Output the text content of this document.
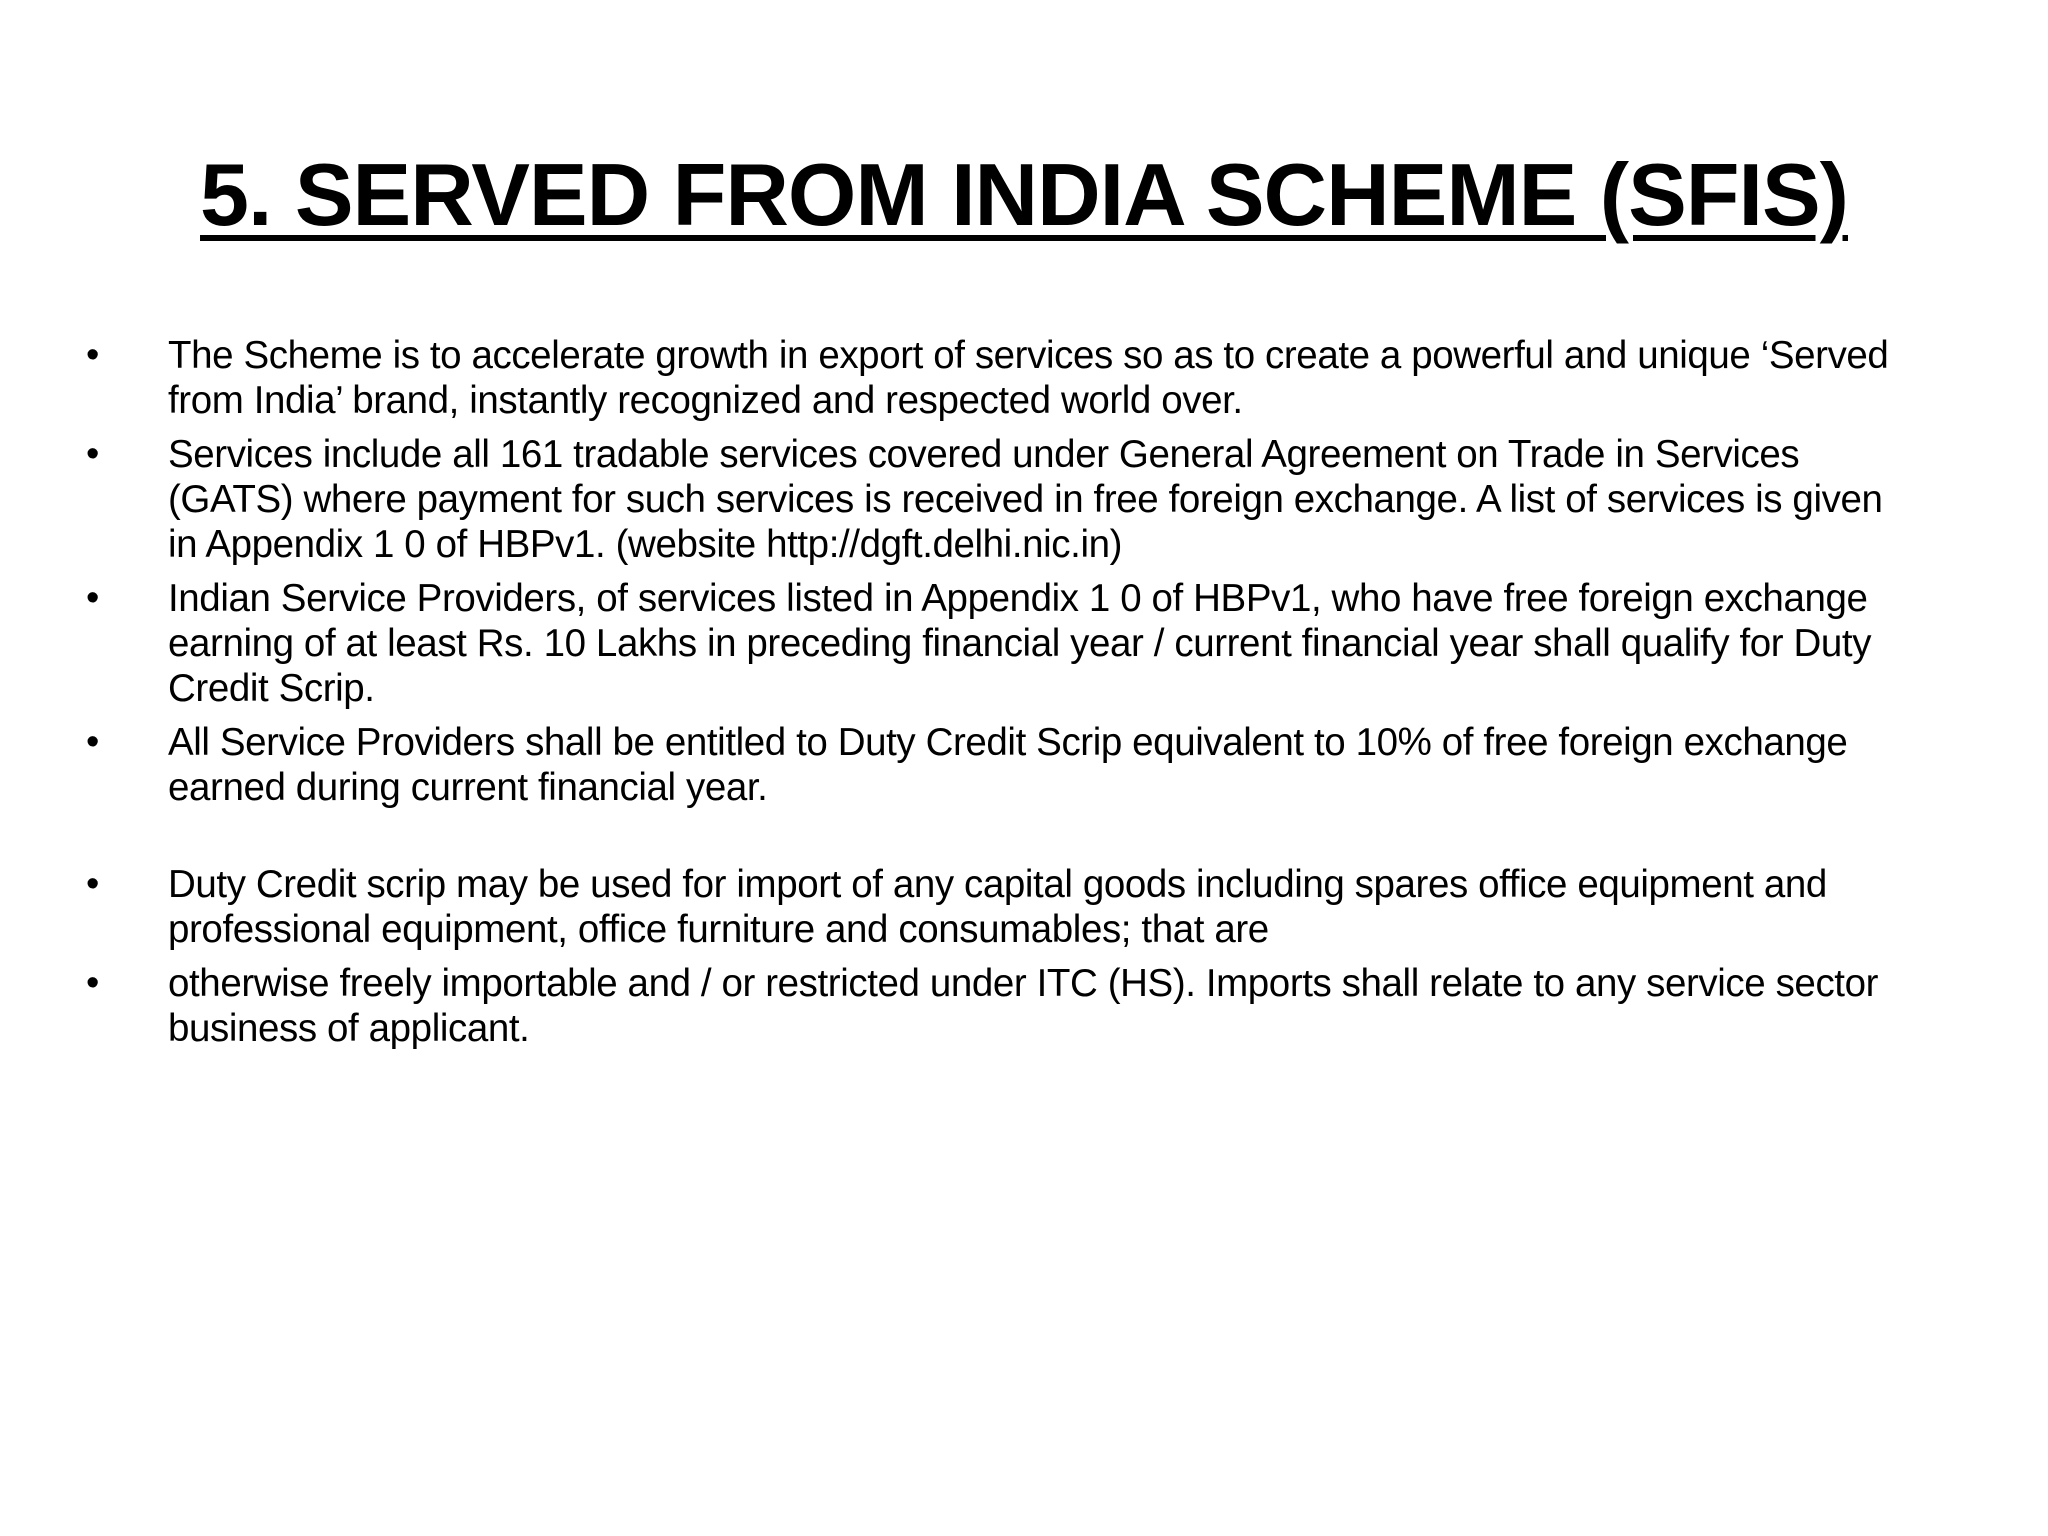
5. SERVED FROM INDIA SCHEME (SFIS)
• The Scheme is to accelerate growth in export of services so as to create a powerful and unique ‘Served from India’ brand, instantly recognized and respected world over.
• Services include all 161 tradable services covered under General Agreement on Trade in Services (GATS) where payment for such services is received in free foreign exchange. A list of services is given in Appendix 1 0 of HBPv1. (website http://dgft.delhi.nic.in)
• Indian Service Providers, of services listed in Appendix 1 0 of HBPv1, who have free foreign exchange earning of at least Rs. 10 Lakhs in preceding financial year / current financial year shall qualify for Duty Credit Scrip.
• All Service Providers shall be entitled to Duty Credit Scrip equivalent to 10% of free foreign exchange earned during current financial year.
• Duty Credit scrip may be used for import of any capital goods including spares office equipment and professional equipment, office furniture and consumables; that are
• otherwise freely importable and / or restricted under ITC (HS). Imports shall relate to any service sector business of applicant.
